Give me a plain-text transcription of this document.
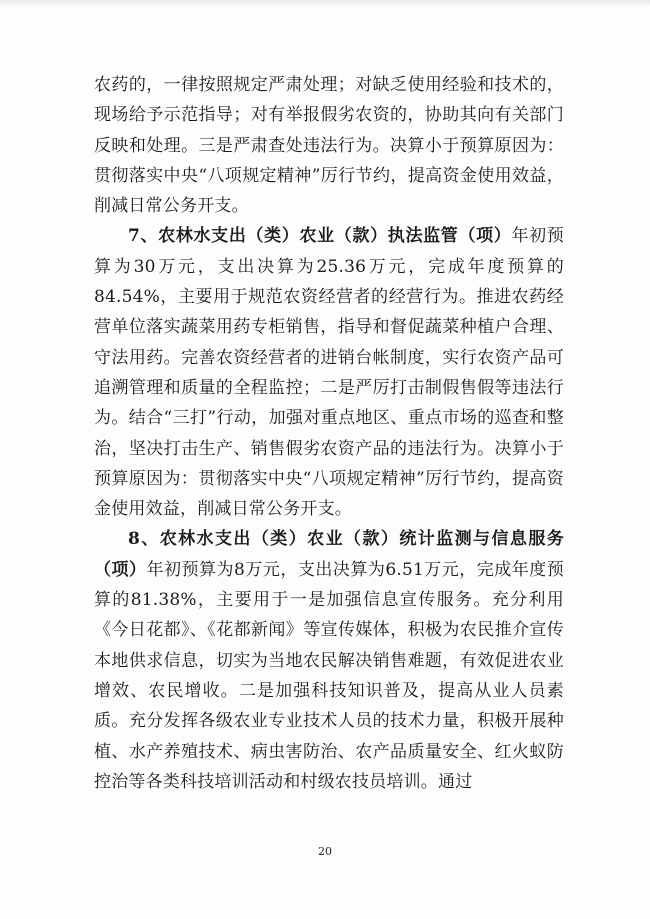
农药的，一律按照规定严肃处理；对缺乏使用经验和技术的，现场给予示范指导；对有举报假劣农资的，协助其向有关部门反映和处理。三是严肃查处违法行为。决算小于预算原因为：贯彻落实中央“八项规定精神”厉行节约，提高资金使用效益，削减日常公务开支。

7、农林水支出（类）农业（款）执法监管（项）年初预算为30万元，支出决算为25.36万元，完成年度预算的84.54%，主要用于规范农资经营者的经营行为。推进农药经营单位落实蔬菜用药专柜销售，指导和督促蔬菜种植户合理、守法用药。完善农资经营者的进销台帐制度，实行农资产品可追溯管理和质量的全程监控；二是严厉打击制假售假等违法行为。结合“三打”行动，加强对重点地区、重点市场的巡查和整治，坚决打击生产、销售假劣农资产品的违法行为。决算小于预算原因为：贯彻落实中央“八项规定精神”厉行节约，提高资金使用效益，削减日常公务开支。

8、农林水支出（类）农业（款）统计监测与信息服务（项）年初预算为8万元，支出决算为6.51万元，完成年度预算的81.38%，主要用于一是加强信息宣传服务。充分利用《今日花都》、《花都新闻》等宣传媒体，积极为农民推介宣传本地供求信息，切实为当地农民解决销售难题，有效促进农业增效、农民增收。二是加强科技知识普及，提高从业人员素质。充分发挥各级农业专业技术人员的技术力量，积极开展种植、水产养殖技术、病虫害防治、农产品质量安全、红火蚁防控治等各类科技培训活动和村级农技员培训。通过

20
